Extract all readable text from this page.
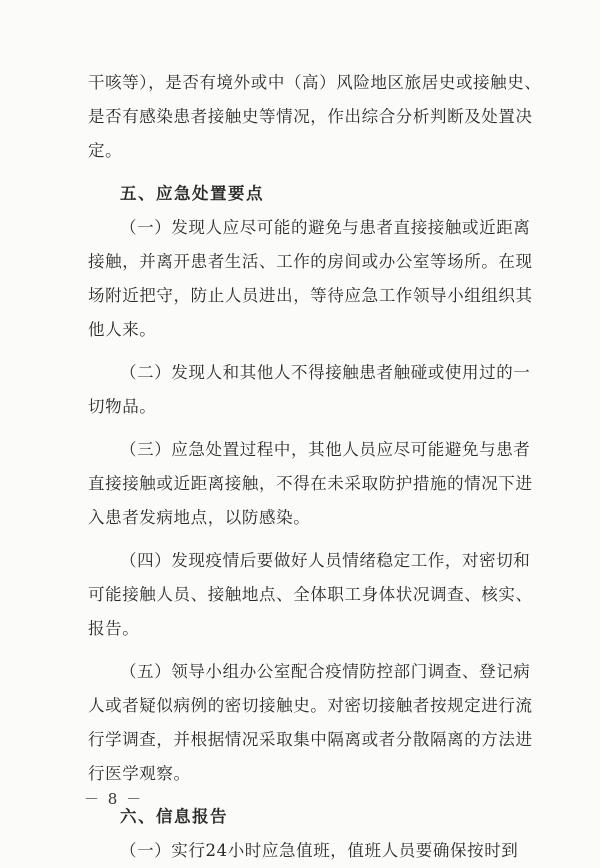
干咳等），是否有境外或中（高）风险地区旅居史或接触史、
是否有感染患者接触史等情况，作出综合分析判断及处置决
定。
五、应急处置要点
（一）发现人应尽可能的避免与患者直接接触或近距离
接触，并离开患者生活、工作的房间或办公室等场所。在现
场附近把守，防止人员进出，等待应急工作领导小组组织其
他人来。
（二）发现人和其他人不得接触患者触碰或使用过的一
切物品。
（三）应急处置过程中，其他人员应尽可能避免与患者
直接接触或近距离接触，不得在未采取防护措施的情况下进
入患者发病地点，以防感染。
（四）发现疫情后要做好人员情绪稳定工作，对密切和
可能接触人员、接触地点、全体职工身体状况调查、核实、
报告。
（五）领导小组办公室配合疫情防控部门调查、登记病
人或者疑似病例的密切接触史。对密切接触者按规定进行流
行学调查，并根据情况采取集中隔离或者分散隔离的方法进
行医学观察。
六、信息报告
（一）实行24小时应急值班，值班人员要确保按时到
－ 8 －
